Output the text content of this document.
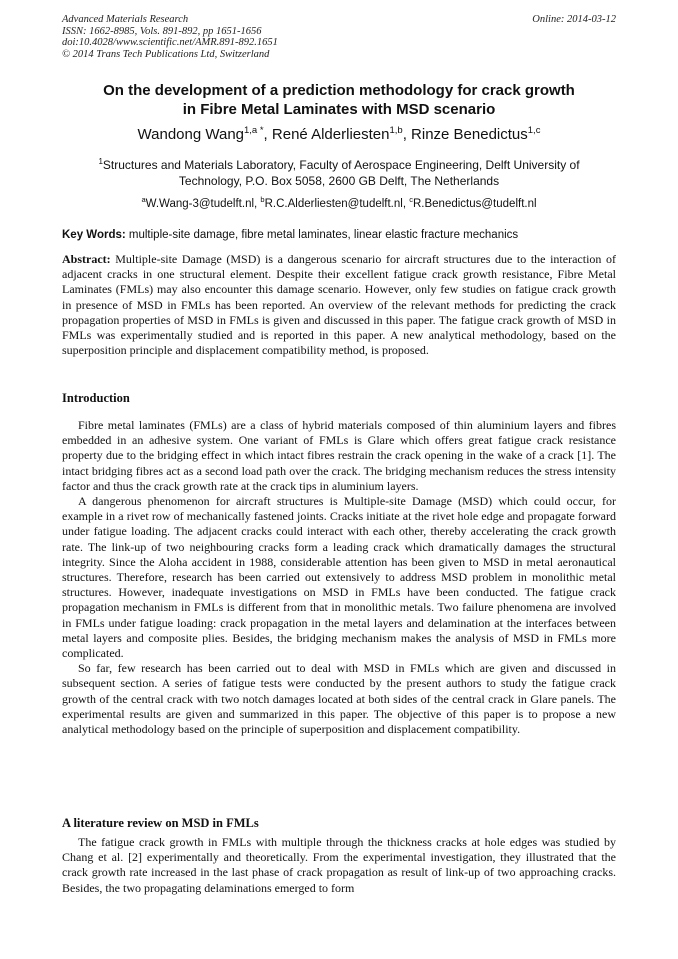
Advanced Materials Research
ISSN: 1662-8985, Vols. 891-892, pp 1651-1656
doi:10.4028/www.scientific.net/AMR.891-892.1651
© 2014 Trans Tech Publications Ltd, Switzerland
Online: 2014-03-12
On the development of a prediction methodology for crack growth
in Fibre Metal Laminates with MSD scenario
Wandong Wang$^{1,a *}$, René Alderliesten$^{1,b}$, Rinze Benedictus$^{1,c}$
$^1$Structures and Materials Laboratory, Faculty of Aerospace Engineering, Delft University of
Technology, P.O. Box 5058, 2600 GB Delft, The Netherlands
$^a$W.Wang-3@tudelft.nl, $^b$R.C.Alderliesten@tudelft.nl, $^c$R.Benedictus@tudelft.nl
Key Words: multiple-site damage, fibre metal laminates, linear elastic fracture mechanics
Abstract: Multiple-site Damage (MSD) is a dangerous scenario for aircraft structures due to the interaction of adjacent cracks in one structural element. Despite their excellent fatigue crack growth resistance, Fibre Metal Laminates (FMLs) may also encounter this damage scenario. However, only few studies on fatigue crack growth in presence of MSD in FMLs has been reported. An overview of the relevant methods for predicting the crack propagation properties of MSD in FMLs is given and discussed in this paper. The fatigue crack growth of MSD in FMLs was experimentally studied and is reported in this paper. A new analytical methodology, based on the superposition principle and displacement compatibility method, is proposed.
Introduction

Fibre metal laminates (FMLs) are a class of hybrid materials composed of thin aluminium layers and fibres embedded in an adhesive system. One variant of FMLs is Glare which offers great fatigue crack resistance property due to the bridging effect in which intact fibres restrain the crack opening in the wake of a crack [1]. The intact bridging fibres act as a second load path over the crack. The bridging mechanism reduces the stress intensity factor and thus the crack growth rate at the crack tips in aluminium layers.

A dangerous phenomenon for aircraft structures is Multiple-site Damage (MSD) which could occur, for example in a rivet row of mechanically fastened joints. Cracks initiate at the rivet hole edge and propagate forward under fatigue loading. The adjacent cracks could interact with each other, thereby accelerating the crack growth rate. The link-up of two neighbouring cracks form a leading crack which dramatically damages the structural integrity. Since the Aloha accident in 1988, considerable attention has been given to MSD in metal aeronautical structures. Therefore, research has been carried out extensively to address MSD problem in monolithic metal structures. However, inadequate investigations on MSD in FMLs have been conducted. The fatigue crack propagation mechanism in FMLs is different from that in monolithic metals. Two failure phenomena are involved in FMLs under fatigue loading: crack propagation in the metal layers and delamination at the interfaces between metal layers and composite plies. Besides, the bridging mechanism makes the analysis of MSD in FMLs more complicated.

So far, few research has been carried out to deal with MSD in FMLs which are given and discussed in subsequent section. A series of fatigue tests were conducted by the present authors to study the fatigue crack growth of the central crack with two notch damages located at both sides of the central crack in Glare panels. The experimental results are given and summarized in this paper. The objective of this paper is to propose a new analytical methodology based on the principle of superposition and displacement compatibility.

A literature review on MSD in FMLs

The fatigue crack growth in FMLs with multiple through the thickness cracks at hole edges was studied by Chang et al. [2] experimentally and theoretically. From the experimental investigation, they illustrated that the crack growth rate increased in the last phase of crack propagation as result of link-up of two approaching cracks. Besides, the two propagating delaminations emerged to form
